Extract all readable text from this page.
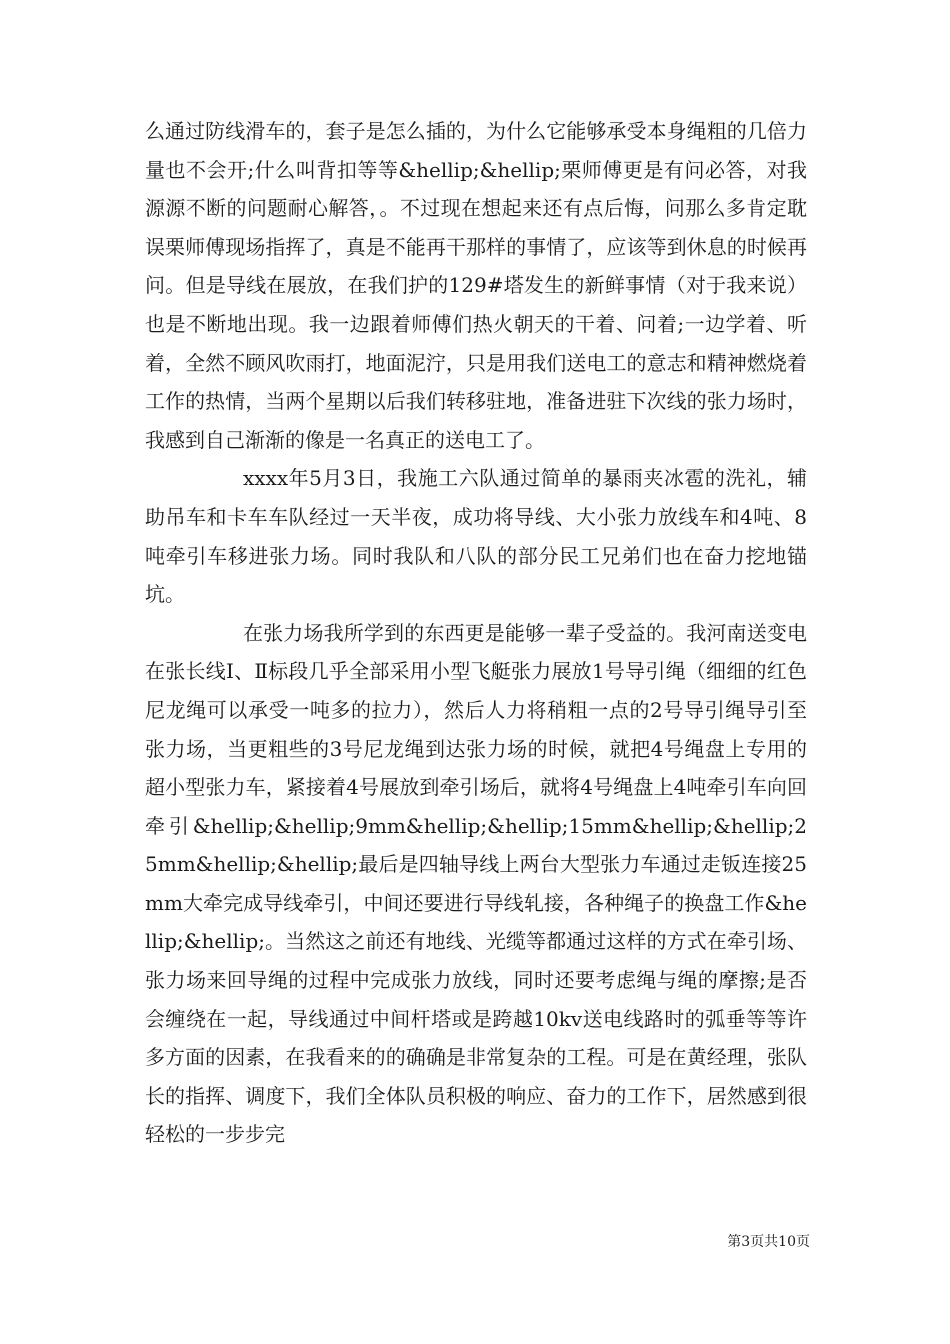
么通过防线滑车的，套子是怎么插的，为什么它能够承受本身绳粗的几倍力量也不会开;什么叫背扣等等&hellip;&hellip;栗师傅更是有问必答，对我源源不断的问题耐心解答，。不过现在想起来还有点后悔，问那么多肯定耽误栗师傅现场指挥了，真是不能再干那样的事情了，应该等到休息的时候再问。但是导线在展放，在我们护的129#塔发生的新鲜事情（对于我来说）也是不断地出现。我一边跟着师傅们热火朝天的干着、问着;一边学着、听着，全然不顾风吹雨打，地面泥泞，只是用我们送电工的意志和精神燃烧着工作的热情，当两个星期以后我们转移驻地，准备进驻下次线的张力场时，我感到自己渐渐的像是一名真正的送电工了。

xxxx年5月3日，我施工六队通过简单的暴雨夹冰雹的洗礼，辅助吊车和卡车车队经过一天半夜，成功将导线、大小张力放线车和4吨、8吨牵引车移进张力场。同时我队和八队的部分民工兄弟们也在奋力挖地锚坑。

在张力场我所学到的东西更是能够一辈子受益的。我河南送变电在张长线Ⅰ、Ⅱ标段几乎全部采用小型飞艇张力展放1号导引绳（细细的红色尼龙绳可以承受一吨多的拉力），然后人力将稍粗一点的2号导引绳导引至张力场，当更粗些的3号尼龙绳到达张力场的时候，就把4号绳盘上专用的超小型张力车，紧接着4号展放到牵引场后，就将4号绳盘上4吨牵引车向回牵引&hellip;&hellip;9mm&hellip;&hellip;15mm&hellip;&hellip;25mm&hellip;&hellip;最后是四轴导线上两台大型张力车通过走钣连接25mm大牵完成导线牵引，中间还要进行导线轧接，各种绳子的换盘工作&hellip;&hellip;。当然这之前还有地线、光缆等都通过这样的方式在牵引场、张力场来回导绳的过程中完成张力放线，同时还要考虑绳与绳的摩擦;是否会缠绕在一起，导线通过中间杆塔或是跨越10kv送电线路时的弧垂等等许多方面的因素，在我看来的的确确是非常复杂的工程。可是在黄经理，张队长的指挥、调度下，我们全体队员积极的响应、奋力的工作下，居然感到很轻松的一步步完

第3页共10页
